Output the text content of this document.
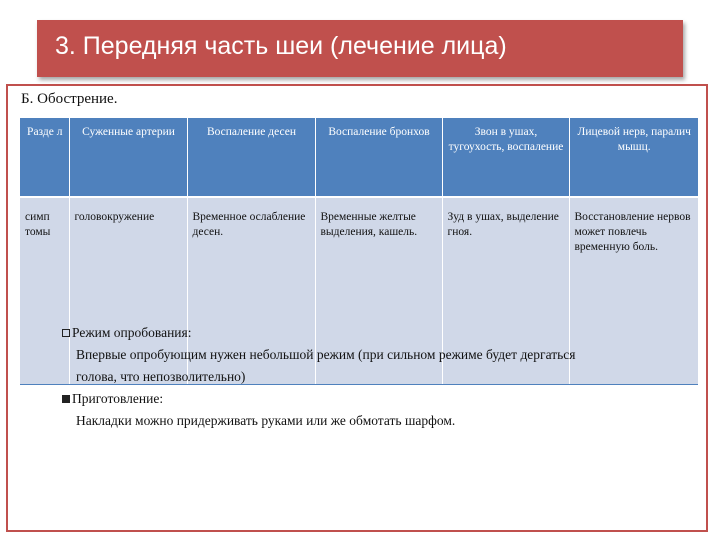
3. Передняя часть шеи (лечение лица)
Б. Обострение.
Разде л	Суженные артерии	Воспаление десен	Воспаление бронхов	Звон в ушах, тугоухость, воспаление	Лицевой нерв, паралич мышц.
симп томы	головокружение	Временное ослабление десен.	Временные желтые выделения, кашель.	Зуд в ушах, выделение гноя.	Восстановление нервов может повлечь временную боль.
Режим опробования:
Впервые опробующим нужен небольшой режим (при сильном режиме будет дергаться
голова, что непозволительно)
Приготовление:
Накладки можно придерживать руками или же обмотать шарфом.
